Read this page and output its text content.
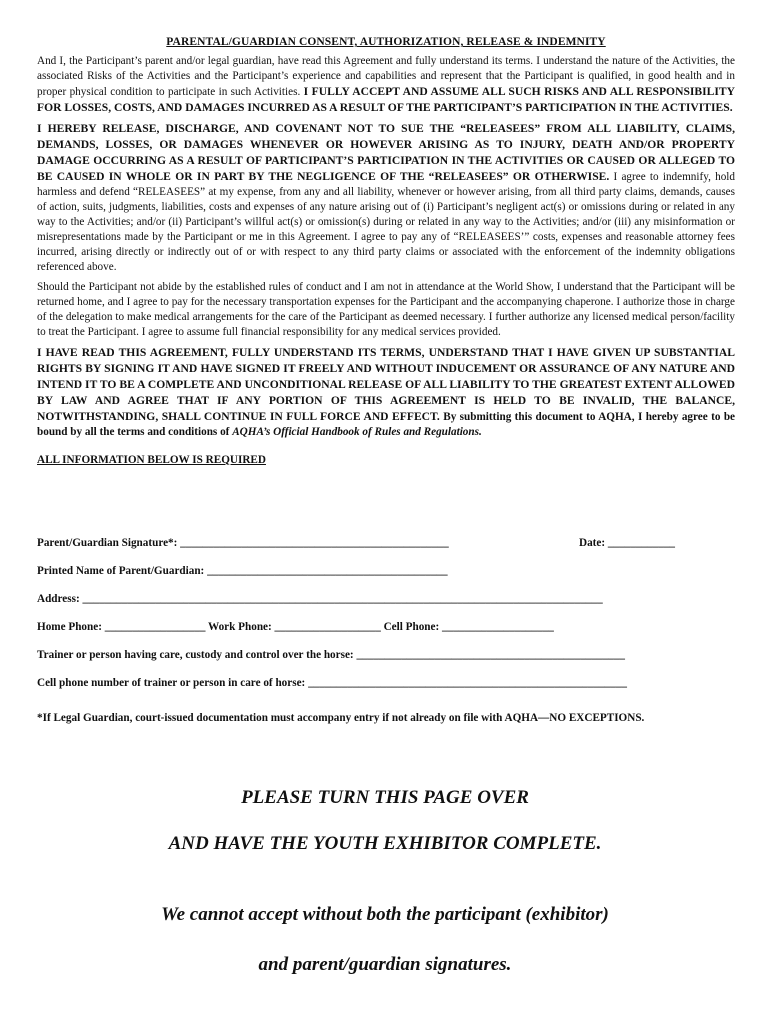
PARENTAL/GUARDIAN CONSENT, AUTHORIZATION, RELEASE & INDEMNITY

And I, the Participant’s parent and/or legal guardian, have read this Agreement and fully understand its terms. I understand the nature of the Activities, the associated Risks of the Activities and the Participant’s experience and capabilities and represent that the Participant is qualified, in good health and in proper physical condition to participate in such Activities. I FULLY ACCEPT AND ASSUME ALL SUCH RISKS AND ALL RESPONSIBILITY FOR LOSSES, COSTS, AND DAMAGES INCURRED AS A RESULT OF THE PARTICIPANT’S PARTICIPATION IN THE ACTIVITIES.

I HEREBY RELEASE, DISCHARGE, AND COVENANT NOT TO SUE THE “RELEASEES” FROM ALL LIABILITY, CLAIMS, DEMANDS, LOSSES, OR DAMAGES WHENEVER OR HOWEVER ARISING AS TO INJURY, DEATH AND/OR PROPERTY DAMAGE OCCURRING AS A RESULT OF PARTICIPANT’S PARTICIPATION IN THE ACTIVITIES OR CAUSED OR ALLEGED TO BE CAUSED IN WHOLE OR IN PART BY THE NEGLIGENCE OF THE “RELEASEES” OR OTHERWISE. I agree to indemnify, hold harmless and defend “RELEASEES” at my expense, from any and all liability, whenever or however arising, from all third party claims, demands, causes of action, suits, judgments, liabilities, costs and expenses of any nature arising out of (i) Participant’s negligent act(s) or omissions during or related in any way to the Activities; and/or (ii) Participant’s willful act(s) or omission(s) during or related in any way to the Activities; and/or (iii) any misinformation or misrepresentations made by the Participant or me in this Agreement. I agree to pay any of “RELEASEES’” costs, expenses and reasonable attorney fees incurred, arising directly or indirectly out of or with respect to any third party claims or associated with the enforcement of the indemnity obligations referenced above.

Should the Participant not abide by the established rules of conduct and I am not in attendance at the World Show, I understand that the Participant will be returned home, and I agree to pay for the necessary transportation expenses for the Participant and the accompanying chaperone. I authorize those in charge of the delegation to make medical arrangements for the care of the Participant as deemed necessary. I further authorize any licensed medical person/facility to treat the Participant. I agree to assume full financial responsibility for any medical services provided.

I HAVE READ THIS AGREEMENT, FULLY UNDERSTAND ITS TERMS, UNDERSTAND THAT I HAVE GIVEN UP SUBSTANTIAL RIGHTS BY SIGNING IT AND HAVE SIGNED IT FREELY AND WITHOUT INDUCEMENT OR ASSURANCE OF ANY NATURE AND INTEND IT TO BE A COMPLETE AND UNCONDITIONAL RELEASE OF ALL LIABILITY TO THE GREATEST EXTENT ALLOWED BY LAW AND AGREE THAT IF ANY PORTION OF THIS AGREEMENT IS HELD TO BE INVALID, THE BALANCE, NOTWITHSTANDING, SHALL CONTINUE IN FULL FORCE AND EFFECT. By submitting this document to AQHA, I hereby agree to be bound by all the terms and conditions of AQHA’s Official Handbook of Rules and Regulations.

ALL INFORMATION BELOW IS REQUIRED
Parent/Guardian Signature*: ________________________________________________	Date: ____________
Printed Name of Parent/Guardian: ___________________________________________
Address: _____________________________________________________________________________________________
Home Phone: __________________ Work Phone: ___________________ Cell Phone: ____________________
Trainer or person having care, custody and control over the horse: ________________________________________________
Cell phone number of trainer or person in care of horse: _________________________________________________________
*If Legal Guardian, court-issued documentation must accompany entry if not already on file with AQHA—NO EXCEPTIONS.
PLEASE TURN THIS PAGE OVER
AND HAVE THE YOUTH EXHIBITOR COMPLETE.
We cannot accept without both the participant (exhibitor)
and parent/guardian signatures.
